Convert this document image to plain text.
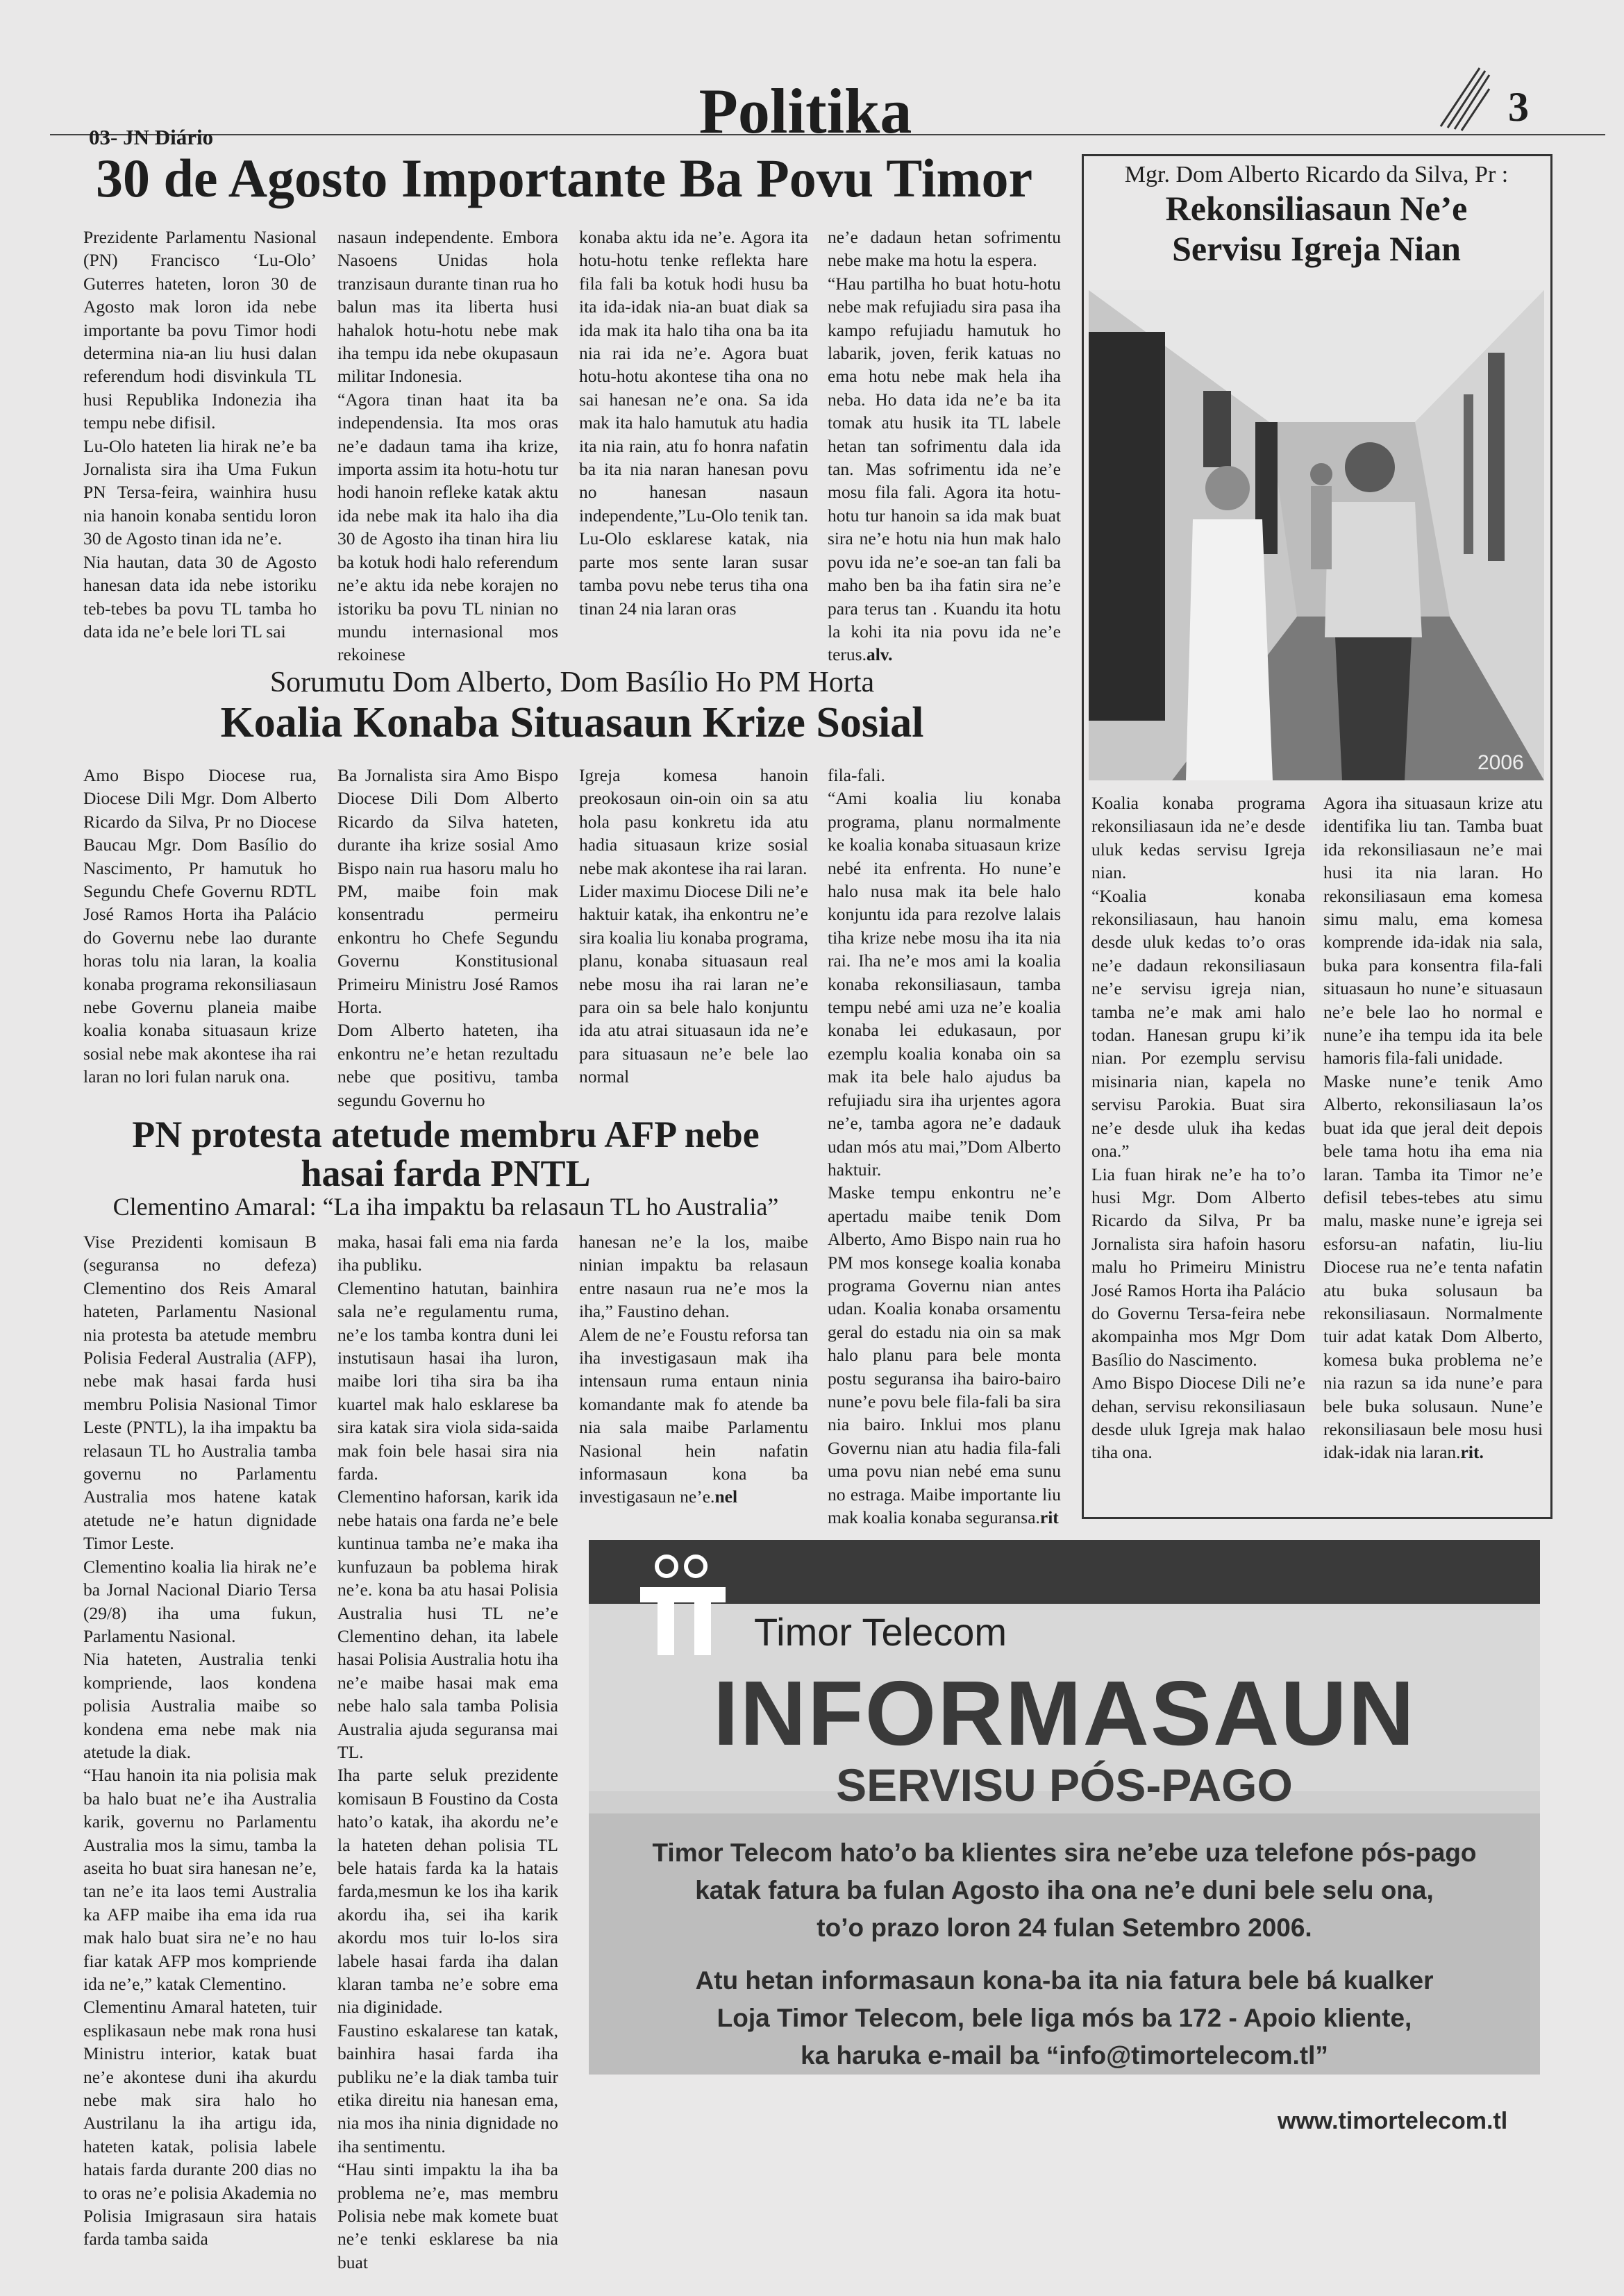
Politika
03- JN Diário
3
30 de Agosto Importante Ba Povu Timor
Prezidente Parlamentu Nasional (PN) Francisco ‘Lu-Olo’ Guterres hateten, loron 30 de Agosto mak loron ida nebe importante ba povu Timor hodi determina nia-an liu husi dalan referendum hodi disvinkula TL husi Republika Indonezia iha tempu nebe difisil.
Lu-Olo hateten lia hirak ne’e ba Jornalista sira iha Uma Fukun PN Tersa-feira, wainhira husu nia hanoin konaba sentidu loron 30 de Agosto tinan ida ne’e.
Nia hautan, data 30 de Agosto hanesan data ida nebe istoriku teb-tebes ba povu TL tamba ho data ida ne’e bele lori TL sai
nasaun independente. Embora Nasoens Unidas hola tranzisaun durante tinan rua ho balun mas ita liberta husi hahalok hotu-hotu nebe mak iha tempu ida nebe okupasaun militar Indonesia.
“Agora tinan haat ita ba independensia. Ita mos oras ne’e dadaun tama iha krize, importa assim ita hotu-hotu tur hodi hanoin refleke katak aktu ida nebe mak ita halo iha dia 30 de Agosto iha tinan hira liu ba kotuk hodi halo referendum ne’e aktu ida nebe korajen no istoriku ba povu TL ninian no mundu internasional mos rekoinese
konaba aktu ida ne’e. Agora ita hotu-hotu tenke reflekta hare fila fali ba kotuk hodi husu ba ita ida-idak nia-an buat diak sa ida mak ita halo tiha ona ba ita nia rai ida ne’e. Agora buat hotu-hotu akontese tiha ona no sai hanesan ne’e ona. Sa ida mak ita halo hamutuk atu hadia ita nia rain, atu fo honra nafatin ba ita nia naran hanesan povu no hanesan nasaun independente,”Lu-Olo tenik tan.
Lu-Olo esklarese katak, nia parte mos sente laran susar tamba povu nebe terus tiha ona tinan 24 nia laran oras
ne’e dadaun hetan sofrimentu nebe make ma hotu la espera.
“Hau partilha ho buat hotu-hotu nebe mak refujiadu sira pasa iha kampo refujiadu hamutuk ho labarik, joven, ferik katuas no ema hotu nebe mak hela iha neba. Ho data ida ne’e ba ita tomak atu husik ita TL labele hetan tan sofrimentu dala ida tan. Mas sofrimentu ida ne’e mosu fila fali. Agora ita hotu-hotu tur hanoin sa ida mak buat sira ne’e hotu nia hun mak halo povu ida ne’e soe-an tan fali ba maho ben ba iha fatin sira ne’e para terus tan . Kuandu ita hotu la kohi ita nia povu ida ne’e terus.alv.
Sorumutu Dom Alberto, Dom Basílio Ho PM Horta
Koalia Konaba Situasaun Krize Sosial
Amo Bispo Diocese rua, Diocese Dili Mgr. Dom Alberto Ricardo da Silva, Pr no Diocese Baucau Mgr. Dom Basílio do Nascimento, Pr hamutuk ho Segundu Chefe Governu RDTL José Ramos Horta iha Palácio do Governu nebe lao durante horas tolu nia laran, la koalia konaba programa rekonsiliasaun nebe Governu planeia maibe koalia konaba situasaun krize sosial nebe mak akontese iha rai laran no lori fulan naruk ona.
Ba Jornalista sira Amo Bispo Diocese Dili Dom Alberto Ricardo da Silva hateten, durante iha krize sosial Amo Bispo nain rua hasoru malu ho PM, maibe foin mak konsentradu permeiru enkontru ho Chefe Segundu Governu Konstitusional Primeiru Ministru José Ramos Horta.
Dom Alberto hateten, iha enkontru ne’e hetan rezultadu nebe que positivu, tamba segundu Governu ho
Igreja komesa hanoin preokosaun oin-oin oin sa atu hola pasu konkretu ida atu hadia situasaun krize sosial nebe mak akontese iha rai laran.
Lider maximu Diocese Dili ne’e haktuir katak, iha enkontru ne’e sira koalia liu konaba programa, planu, konaba situasaun real nebe mosu iha rai laran ne’e para oin sa bele halo konjuntu ida atu atrai situasaun ida ne’e para situasaun ne’e bele lao normal
fila-fali.
“Ami koalia liu konaba programa, planu normalmente ke koalia konaba situasaun krize nebé ita enfrenta. Ho nune’e halo nusa mak ita bele halo konjuntu ida para rezolve lalais tiha krize nebe mosu iha ita nia rai. Iha ne’e mos ami la koalia konaba rekonsiliasaun, tamba tempu nebé ami uza ne’e koalia konaba lei edukasaun, por ezemplu koalia konaba oin sa mak ita bele halo ajudus ba refujiadu sira iha urjentes agora ne’e, tamba agora ne’e dadauk udan mós atu mai,”Dom Alberto haktuir.
Maske tempu enkontru ne’e apertadu maibe tenik Dom Alberto, Amo Bispo nain rua ho PM mos konsege koalia konaba programa Governu nian antes udan. Koalia konaba orsamentu geral do estadu nia oin sa mak halo planu para bele monta postu seguransa iha bairo-bairo nune’e povu bele fila-fali ba sira nia bairo. Inklui mos planu Governu nian atu hadia fila-fali uma povu nian nebé ema sunu no estraga. Maibe importante liu mak koalia konaba seguransa.rit
PN protesta atetude membru AFP nebe
hasai farda PNTL
Clementino Amaral: “La iha impaktu ba relasaun TL ho Australia”
Vise Prezidenti komisaun B (seguransa no defeza) Clementino dos Reis Amaral hateten, Parlamentu Nasional nia protesta ba atetude membru Polisia Federal Australia (AFP), nebe mak hasai farda husi membru Polisia Nasional Timor Leste (PNTL), la iha impaktu ba relasaun TL ho Australia tamba governu no Parlamentu Australia mos hatene katak atetude ne’e hatun dignidade Timor Leste.
Clementino koalia lia hirak ne’e ba Jornal Nacional Diario Tersa (29/8) iha uma fukun, Parlamentu Nasional.
Nia hateten, Australia tenki kompriende, laos kondena polisia Australia maibe so kondena ema nebe mak nia atetude la diak.
“Hau hanoin ita nia polisia mak ba halo buat ne’e iha Australia karik, governu no Parlamentu Australia mos la simu, tamba la aseita ho buat sira hanesan ne’e, tan ne’e ita laos temi Australia ka AFP maibe iha ema ida rua mak halo buat sira ne’e no hau fiar katak AFP mos kompriende ida ne’e,” katak Clementino.
Clementinu Amaral hateten, tuir esplikasaun nebe mak rona husi Ministru interior, katak buat ne’e akontese duni iha akurdu nebe mak sira halo ho Austrilanu la iha artigu ida, hateten katak, polisia labele hatais farda durante 200 dias no to oras ne’e polisia Akademia no Polisia Imigrasaun sira hatais farda tamba saida
maka, hasai fali ema nia farda iha publiku.
Clementino hatutan, bainhira sala ne’e regulamentu ruma, ne’e los tamba kontra duni lei instutisaun hasai iha luron, maibe lori tiha sira ba iha kuartel mak halo esklarese ba sira katak sira viola sida-saida mak foin bele hasai sira nia farda.
Clementino haforsan, karik ida nebe hatais ona farda ne’e bele kuntinua tamba ne’e maka iha kunfuzaun ba poblema hirak ne’e. kona ba atu hasai Polisia Australia husi TL ne’e Clementino dehan, ita labele hasai Polisia Australia hotu iha ne’e maibe hasai mak ema nebe halo sala tamba Polisia Australia ajuda seguransa mai TL.
Iha parte seluk prezidente komisaun B Foustino da Costa hato’o katak, iha akordu ne’e la hateten dehan polisia TL bele hatais farda ka la hatais farda,mesmun ke los iha karik akordu iha, sei iha karik akordu mos tuir lo-los sira labele hasai farda iha dalan klaran tamba ne’e sobre ema nia diginidade.
Faustino eskalarese tan katak, bainhira hasai farda iha publiku ne’e la diak tamba tuir etika direitu nia hanesan ema, nia mos iha ninia dignidade no iha sentimentu.
“Hau sinti impaktu la iha ba problema ne’e, mas membru Polisia nebe mak komete buat ne’e tenki esklarese ba nia buat
hanesan ne’e la los, maibe ninian impaktu ba relasaun entre nasaun rua ne’e mos la iha,” Faustino dehan.
Alem de ne’e Foustu reforsa tan iha investigasaun mak iha intensaun ruma entaun ninia komandante mak fo atende ba nia sala maibe Parlamentu Nasional hein nafatin informasaun kona ba investigasaun ne’e.nel
Mgr. Dom Alberto Ricardo da Silva, Pr :
Rekonsiliasaun Ne’e
Servisu Igreja Nian
2006
Koalia konaba programa rekonsiliasaun ida ne’e desde uluk kedas servisu Igreja nian.
“Koalia konaba rekonsiliasaun, hau hanoin desde uluk kedas to’o oras ne’e dadaun rekonsiliasaun ne’e servisu igreja nian, tamba ne’e mak ami halo todan. Hanesan grupu ki’ik nian. Por ezemplu servisu misinaria nian, kapela no servisu Parokia. Buat sira ne’e desde uluk iha kedas ona.”
Lia fuan hirak ne’e ha to’o husi Mgr. Dom Alberto Ricardo da Silva, Pr ba Jornalista sira hafoin hasoru malu ho Primeiru Ministru José Ramos Horta iha Palácio do Governu Tersa-feira nebe akompainha mos Mgr Dom Basílio do Nascimento.
Amo Bispo Diocese Dili ne’e dehan, servisu rekonsiliasaun desde uluk Igreja mak halao tiha ona.
Agora iha situasaun krize atu identifika liu tan. Tamba buat ida rekonsiliasaun ne’e mai husi ita nia laran. Ho rekonsiliasaun ema komesa simu malu, ema komesa komprende ida-idak nia sala, buka para konsentra fila-fali situasaun ho nune’e situasaun ne’e bele lao ho normal e nune’e iha tempu ida ita bele hamoris fila-fali unidade.
Maske nune’e tenik Amo Alberto, rekonsiliasaun la’os buat ida que jeral deit depois bele tama hotu iha ema nia laran. Tamba ita Timor ne’e defisil tebes-tebes atu simu malu, maske nune’e igreja sei esforsu-an nafatin, liu-liu Diocese rua ne’e tenta nafatin atu buka solusaun ba rekonsiliasaun. Normalmente tuir adat katak Dom Alberto, komesa buka problema ne’e nia razun sa ida nune’e para bele buka solusaun. Nune’e rekonsiliasaun bele mosu husi idak-idak nia laran.rit.
Timor Telecom
INFORMASAUN
SERVISU PÓS-PAGO
Timor Telecom hato’o ba klientes sira ne’ebe uza telefone pós-pago
katak fatura ba fulan Agosto iha ona ne’e duni bele selu ona,
to’o prazo loron 24 fulan Setembro 2006.
Atu hetan informasaun kona-ba ita nia fatura bele bá kualker
Loja Timor Telecom, bele liga mós ba 172 - Apoio kliente,
ka haruka e-mail ba “info@timortelecom.tl”
www.timortelecom.tl
